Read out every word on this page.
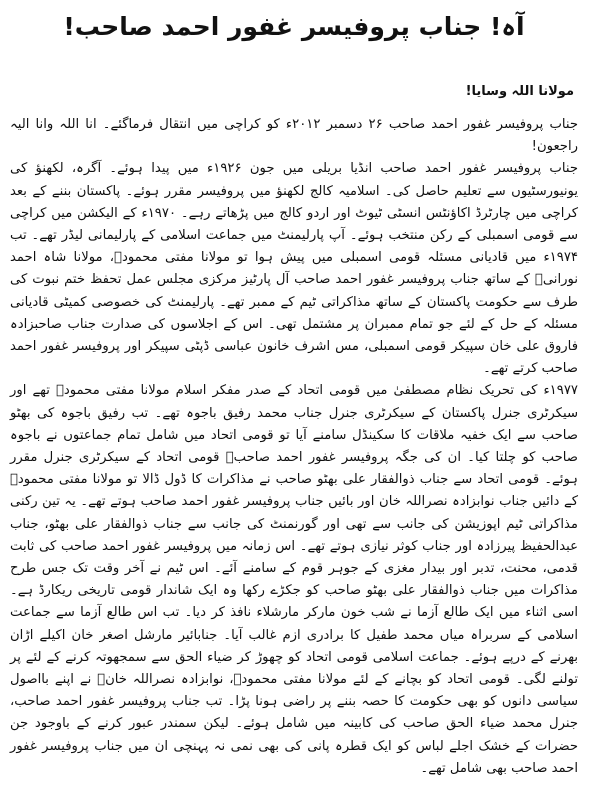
آہ! جناب پروفیسر غفور احمد صاحب!
مولانا اللہ وسایا!

جناب پروفیسر غفور احمد صاحب ۲۶ دسمبر ۲۰۱۲ء کو کراچی میں انتقال فرماگئے۔ انا اللہ وانا الیہ راجعون!

جناب پروفیسر غفور احمد صاحب انڈیا بریلی میں جون ۱۹۲۶ء میں پیدا ہوئے۔ آگرہ، لکھنؤ کی یونیورسٹیوں سے تعلیم حاصل کی۔ اسلامیہ کالج لکھنؤ میں پروفیسر مقرر ہوئے۔ پاکستان بننے کے بعد کراچی میں چارٹرڈ اکاؤنٹس انسٹی ٹیوٹ اور اردو کالج میں پڑھاتے رہے۔ ۱۹۷۰ء کے الیکشن میں کراچی سے قومی اسمبلی کے رکن منتخب ہوئے۔ آپ پارلیمنٹ میں جماعت اسلامی کے پارلیمانی لیڈر تھے۔ تب ۱۹۷۴ء میں قادیانی مسئلہ قومی اسمبلی میں پیش ہوا تو مولانا مفتی محمودؒ، مولانا شاہ احمد نورانیؒ کے ساتھ جناب پروفیسر غفور احمد صاحب آل پارٹیز مرکزی مجلس عمل تحفظ ختم نبوت کی طرف سے حکومت پاکستان کے ساتھ مذاکراتی ٹیم کے ممبر تھے۔ پارلیمنٹ کی خصوصی کمیٹی قادیانی مسئلہ کے حل کے لئے جو تمام ممبران پر مشتمل تھی۔ اس کے اجلاسوں کی صدارت جناب صاحبزادہ فاروق علی خان سپیکر قومی اسمبلی، مس اشرف خانون عباسی ڈپٹی سپیکر اور پروفیسر غفور احمد صاحب کرتے تھے۔

۱۹۷۷ء کی تحریک نظام مصطفیٰ میں قومی اتحاد کے صدر مفکر اسلام مولانا مفتی محمودؒ تھے اور سیکرٹری جنرل پاکستان کے سیکرٹری جنرل جناب محمد رفیق باجوہ تھے۔ تب رفیق باجوہ کی بھٹو صاحب سے ایک خفیہ ملاقات کا سکینڈل سامنے آیا تو قومی اتحاد میں شامل تمام جماعتوں نے باجوہ صاحب کو چلتا کیا۔ ان کی جگہ پروفیسر غفور احمد صاحبؒ قومی اتحاد کے سیکرٹری جنرل مقرر ہوئے۔ قومی اتحاد سے جناب ذوالفقار علی بھٹو صاحب نے مذاکرات کا ڈول ڈالا تو مولانا مفتی محمودؒ کے دائیں جناب نوابزادہ نصراللہ خان اور بائیں جناب پروفیسر غفور احمد صاحب ہوتے تھے۔ یہ تین رکنی مذاکراتی ٹیم اپوزیشن کی جانب سے تھی اور گورنمنٹ کی جانب سے جناب ذوالفقار علی بھٹو، جناب عبدالحفیظ پیرزادہ اور جناب کوثر نیازی ہوتے تھے۔ اس زمانہ میں پروفیسر غفور احمد صاحب کی ثابت قدمی، محنت، تدبر اور بیدار مغزی کے جوہر قوم کے سامنے آئے۔ اس ٹیم نے آخر وقت تک جس طرح مذاکرات میں جناب ذوالفقار علی بھٹو صاحب کو جکڑے رکھا وہ ایک شاندار قومی تاریخی ریکارڈ ہے۔ اسی اثناء میں ایک طالع آزما نے شب خون مارکر مارشلاء نافذ کر دیا۔ تب اس طالع آزما سے جماعت اسلامی کے سربراہ میاں محمد طفیل کا برادری ازم غالب آیا۔ جنابائیر مارشل اصغر خان اکیلے اڑان بھرنے کے درپے ہوئے۔ جماعت اسلامی قومی اتحاد کو چھوڑ کر ضیاء الحق سے سمجھوتہ کرنے کے لئے پر تولنے لگی۔ قومی اتحاد کو بچانے کے لئے مولانا مفتی محمودؒ، نوابزادہ نصراللہ خانؒ نے اپنے بااصول سیاسی دانوں کو بھی حکومت کا حصہ بننے پر راضی ہونا پڑا۔ تب جناب پروفیسر غفور احمد صاحب، جنرل محمد ضیاء الحق صاحب کی کابینہ میں شامل ہوئے۔ لیکن سمندر عبور کرنے کے باوجود جن حضرات کے خشک اجلے لباس کو ایک قطرہ پانی کی بھی نمی نہ پہنچی ان میں جناب پروفیسر غفور احمد صاحب بھی شامل تھے۔
